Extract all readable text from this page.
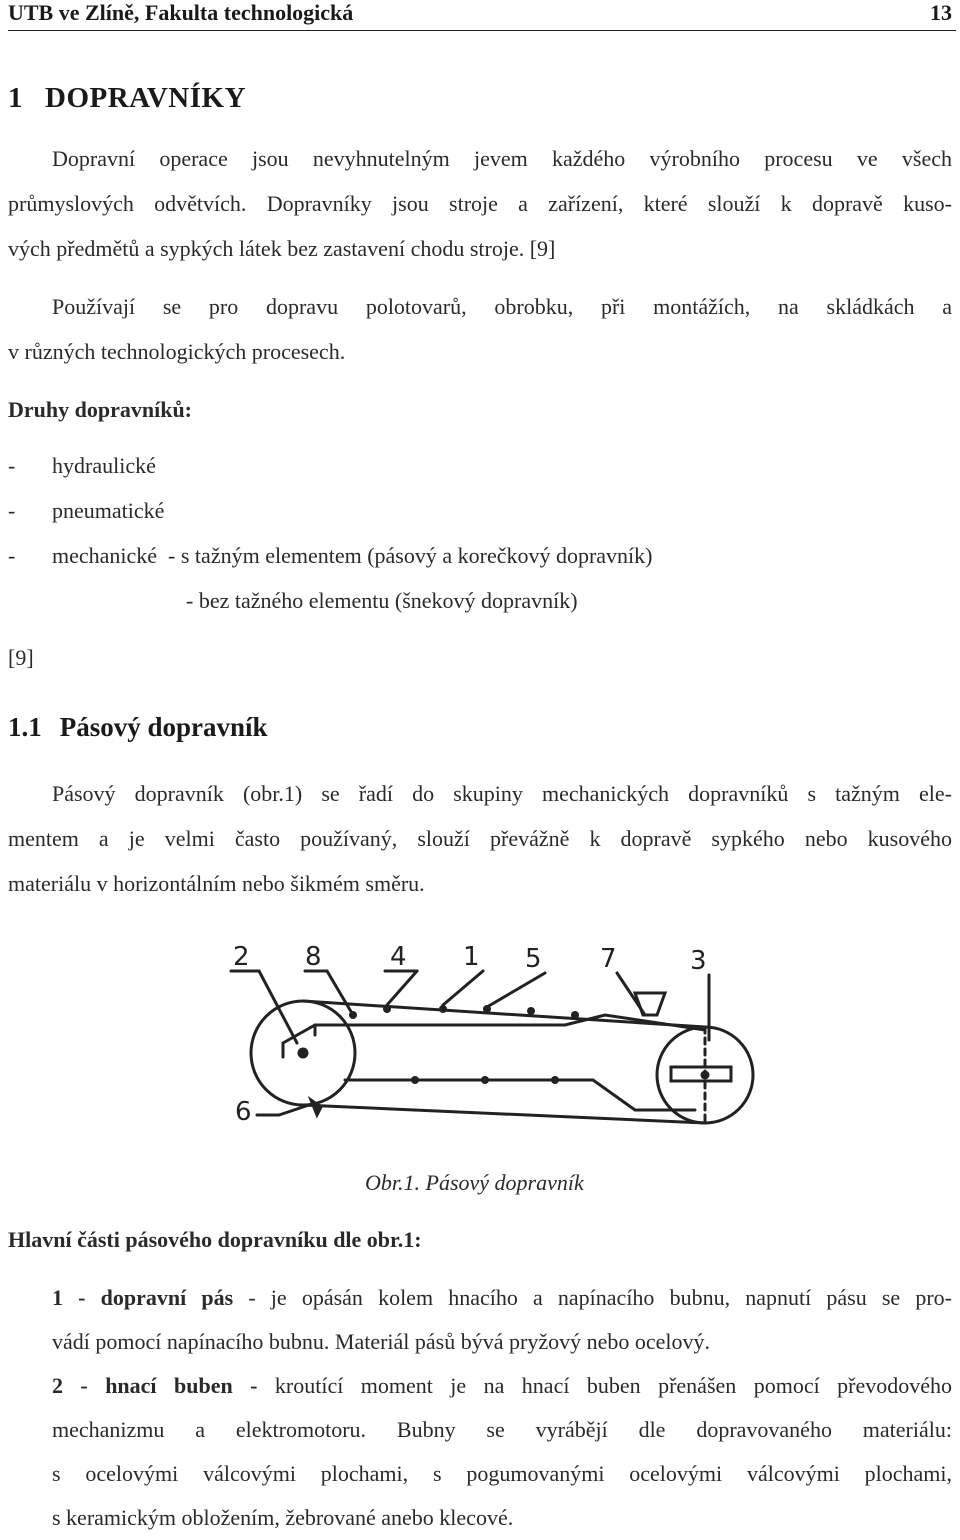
UTB ve Zlíně, Fakulta technologická	13
1 DOPRAVNÍKY
Dopravní operace jsou nevyhnutelným jevem každého výrobního procesu ve všech
průmyslových odvětvích. Dopravníky jsou stroje a zařízení, které slouží k dopravě kuso-
vých předmětů a sypkých látek bez zastavení chodu stroje. [9]
Používají se pro dopravu polotovarů, obrobku, při montážích, na skládkách a
v různých technologických procesech.
Druhy dopravníků:
- hydraulické
- pneumatické
- mechanické  - s tažným elementem (pásový a korečkový dopravník)
- bez tažného elementu (šnekový dopravník)
[9]
1.1 Pásový dopravník
Pásový dopravník (obr.1) se řadí do skupiny mechanických dopravníků s tažným ele-
mentem a je velmi často používaný, slouží převážně k dopravě sypkého nebo kusového
materiálu v horizontálním nebo šikmém směru.
2 8	4 1 5 7	3
6
Obr.1. Pásový dopravník
Hlavní části pásového dopravníku dle obr.1:
1 - dopravní pás - je opásán kolem hnacího a napínacího bubnu, napnutí pásu se pro-
vádí pomocí napínacího bubnu. Materiál pásů bývá pryžový nebo ocelový.
2 - hnací buben - kroutící moment je na hnací buben přenášen pomocí převodového
mechanizmu a elektromotoru. Bubny se vyrábějí dle dopravovaného materiálu:
s ocelovými válcovými plochami, s pogumovanými ocelovými válcovými plochami,
s keramickým obložením, žebrované anebo klecové.
